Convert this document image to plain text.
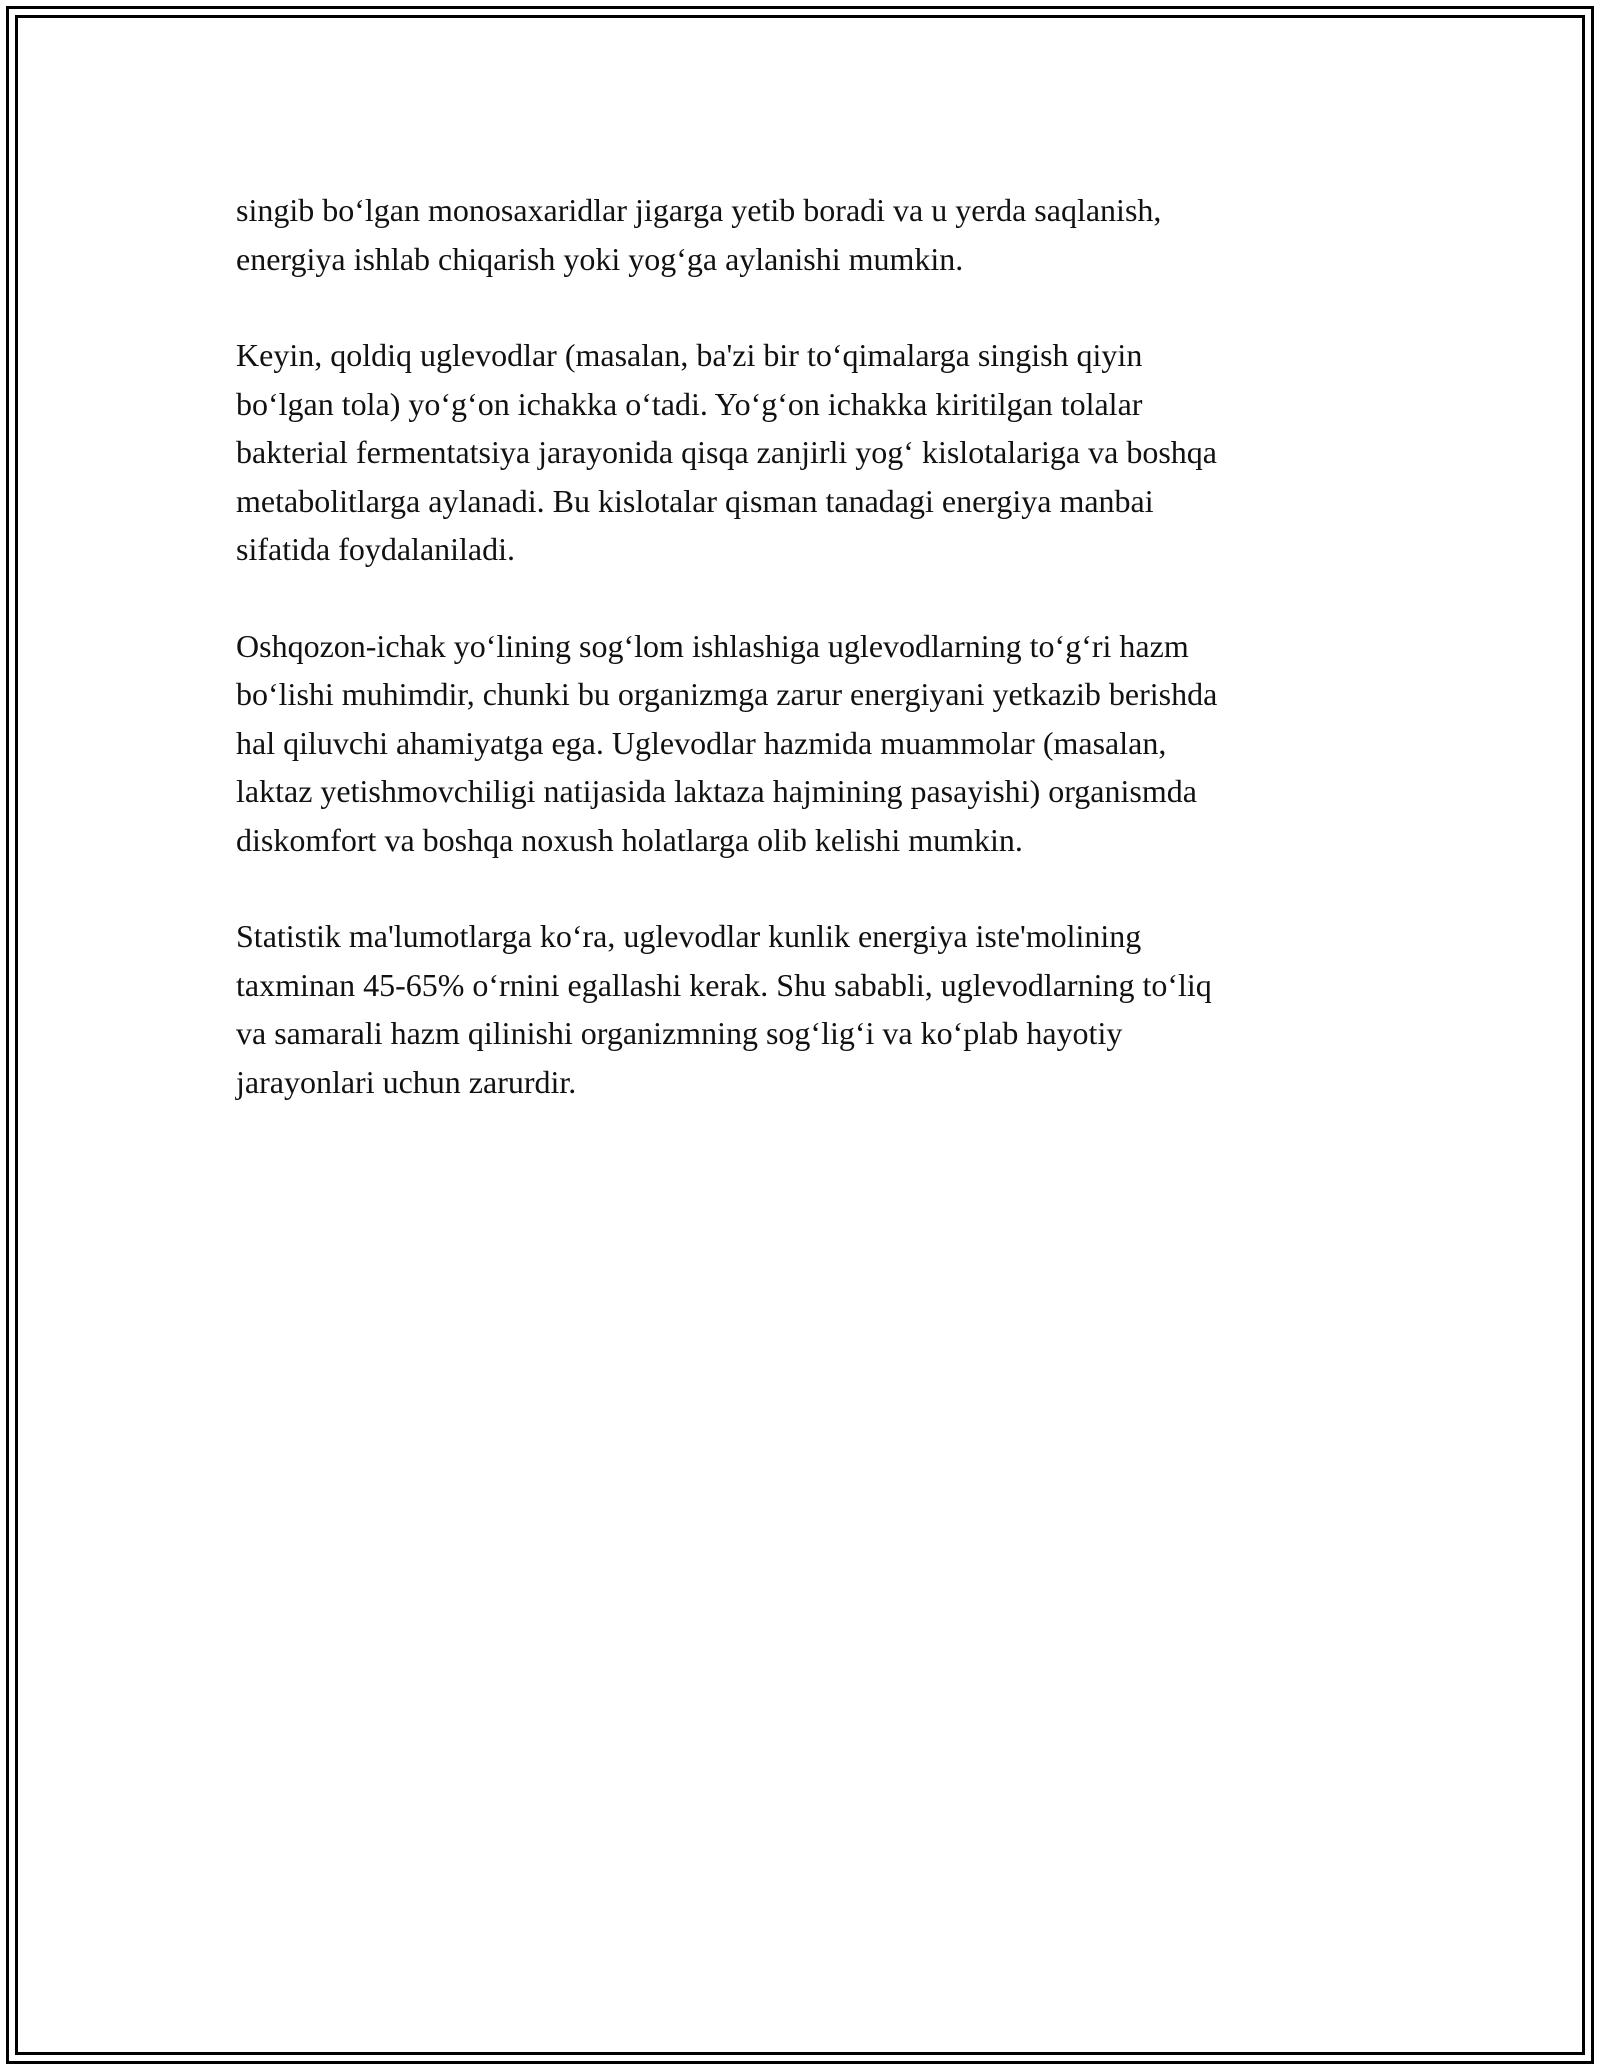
singib bo‘lgan monosaxaridlar jigarga yetib boradi va u yerda saqlanish,
energiya ishlab chiqarish yoki yog‘ga aylanishi mumkin.

Keyin, qoldiq uglevodlar (masalan, ba'zi bir to‘qimalarga singish qiyin
bo‘lgan tola) yo‘g‘on ichakka o‘tadi. Yo‘g‘on ichakka kiritilgan tolalar
bakterial fermentatsiya jarayonida qisqa zanjirli yog‘ kislotalariga va boshqa
metabolitlarga aylanadi. Bu kislotalar qisman tanadagi energiya manbai
sifatida foydalaniladi.

Oshqozon-ichak yo‘lining sog‘lom ishlashiga uglevodlarning to‘g‘ri hazm
bo‘lishi muhimdir, chunki bu organizmga zarur energiyani yetkazib berishda
hal qiluvchi ahamiyatga ega. Uglevodlar hazmida muammolar (masalan,
laktaz yetishmovchiligi natijasida laktaza hajmining pasayishi) organismda
diskomfort va boshqa noxush holatlarga olib kelishi mumkin.

Statistik ma'lumotlarga ko‘ra, uglevodlar kunlik energiya iste'molining
taxminan 45-65% o‘rnini egallashi kerak. Shu sababli, uglevodlarning to‘liq
va samarali hazm qilinishi organizmning sog‘lig‘i va ko‘plab hayotiy
jarayonlari uchun zarurdir.
